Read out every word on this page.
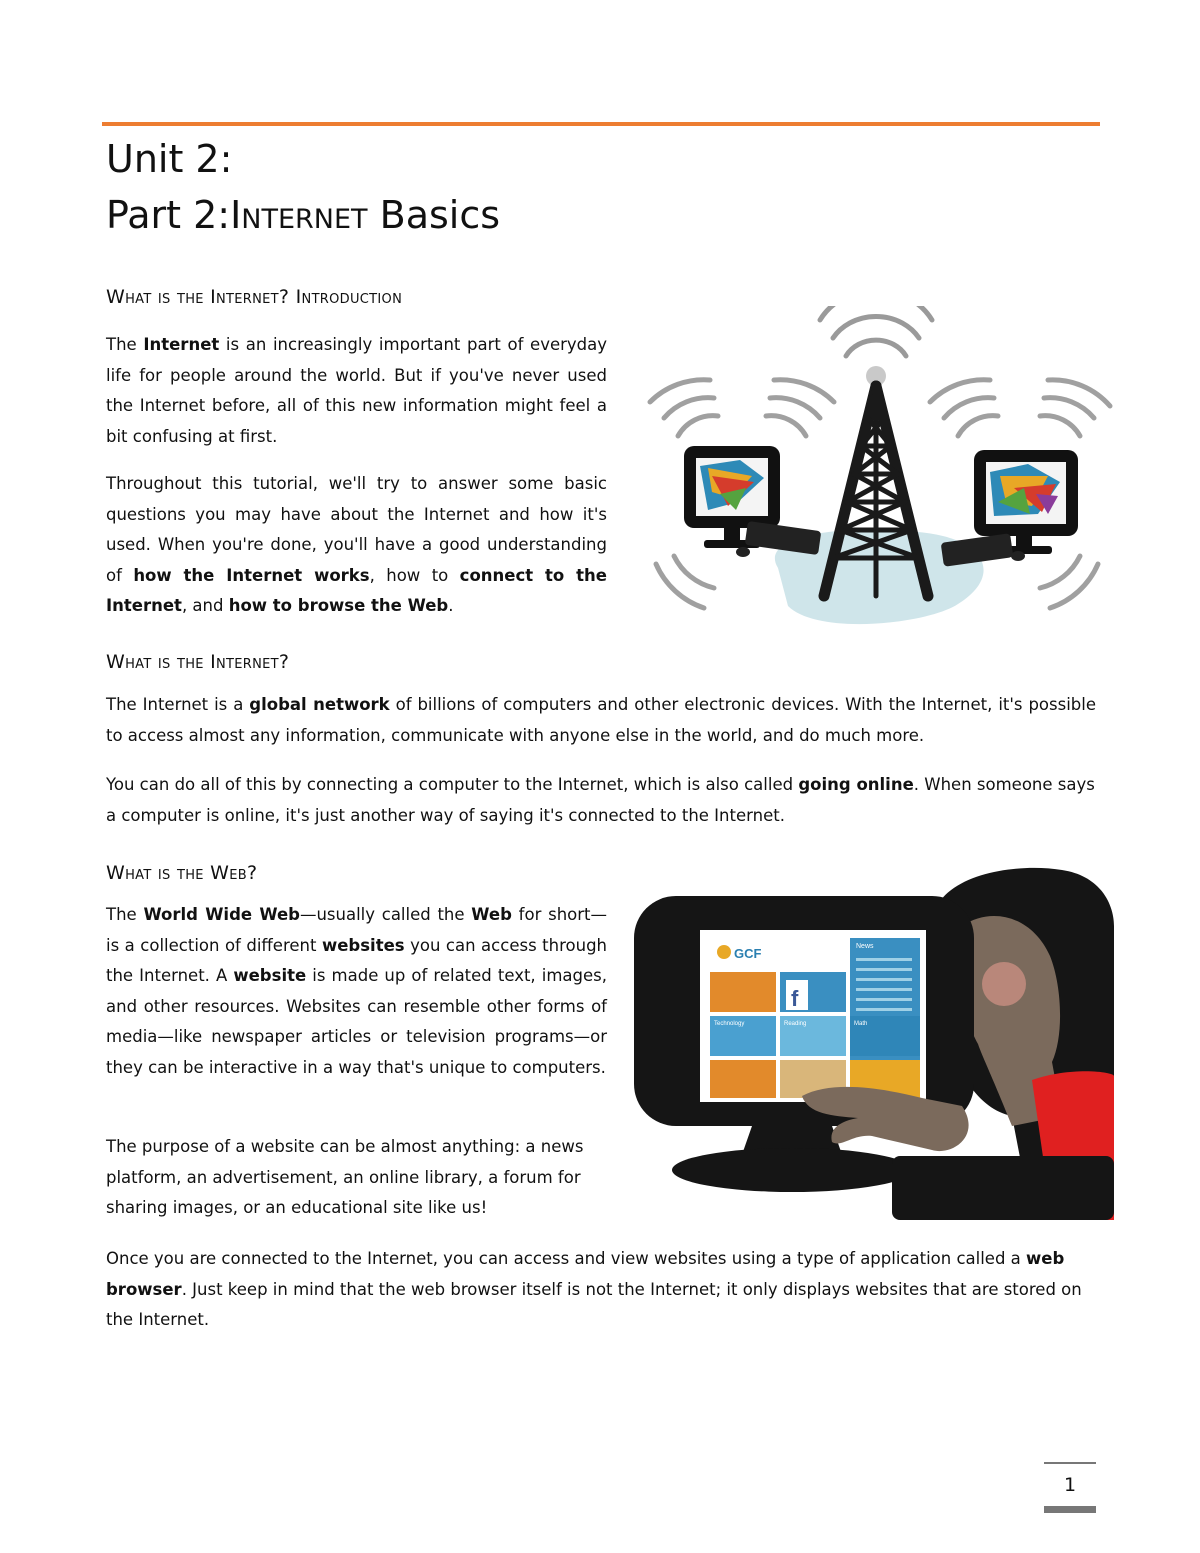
Unit 2:
Part 2:Internet Basics
What is the Internet? Introduction

The Internet is an increasingly important part of everyday life for people around the world. But if you've never used the Internet before, all of this new information might feel a bit confusing at first.

Throughout this tutorial, we'll try to answer some basic questions you may have about the Internet and how it's used. When you're done, you'll have a good understanding of how the Internet works, how to connect to the Internet, and how to browse the Web.

What is the Internet?

The Internet is a global network of billions of computers and other electronic devices. With the Internet, it's possible to access almost any information, communicate with anyone else in the world, and do much more.

You can do all of this by connecting a computer to the Internet, which is also called going online. When someone says a computer is online, it's just another way of saying it's connected to the Internet.

What is the Web?

The World Wide Web—usually called the Web for short—is a collection of different websites you can access through the Internet. A website is made up of related text, images, and other resources. Websites can resemble other forms of media—like newspaper articles or television programs—or they can be interactive in a way that's unique to computers.

The purpose of a website can be almost anything: a news platform, an advertisement, an online library, a forum for sharing images, or an educational site like us!

GCF	News
f
Technology	Reading	Math

Once you are connected to the Internet, you can access and view websites using a type of application called a web browser. Just keep in mind that the web browser itself is not the Internet; it only displays websites that are stored on the Internet.

1
